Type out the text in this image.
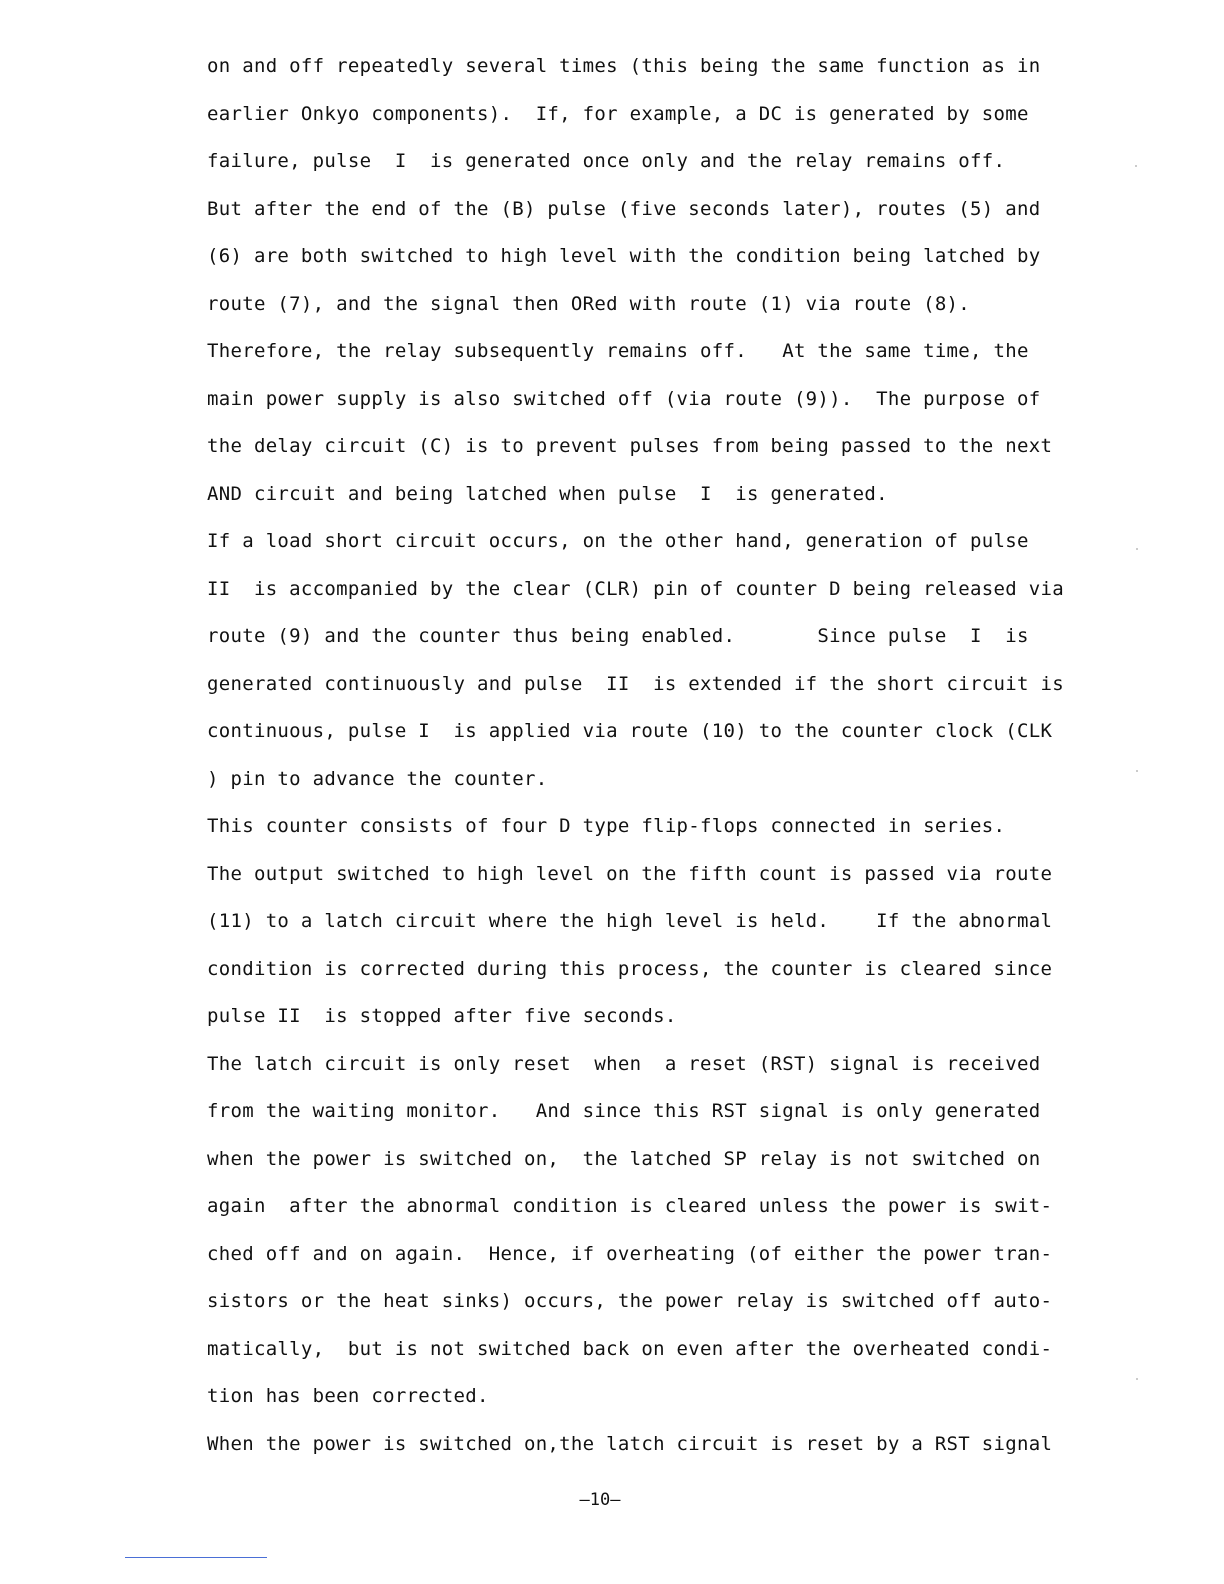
on and off repeatedly several times (this being the same function as in
earlier Onkyo components).  If, for example, a DC is generated by some
failure, pulse  I  is generated once only and the relay remains off.
But after the end of the (B) pulse (five seconds later), routes (5) and
(6) are both switched to high level with the condition being latched by
route (7), and the signal then ORed with route (1) via route (8).
Therefore, the relay subsequently remains off.   At the same time, the
main power supply is also switched off (via route (9)).  The purpose of
the delay circuit (C) is to prevent pulses from being passed to the next
AND circuit and being latched when pulse  I  is generated.
If a load short circuit occurs, on the other hand, generation of pulse
II  is accompanied by the clear (CLR) pin of counter D being released via
route (9) and the counter thus being enabled.       Since pulse  I  is
generated continuously and pulse  II  is extended if the short circuit is
continuous, pulse I  is applied via route (10) to the counter clock (CLK
) pin to advance the counter.
This counter consists of four D type flip-flops connected in series.
The output switched to high level on the fifth count is passed via route
(11) to a latch circuit where the high level is held.    If the abnormal
condition is corrected during this process, the counter is cleared since
pulse II  is stopped after five seconds.
The latch circuit is only reset  when  a reset (RST) signal is received
from the waiting monitor.   And since this RST signal is only generated
when the power is switched on,  the latched SP relay is not switched on
again  after the abnormal condition is cleared unless the power is swit-
ched off and on again.  Hence, if overheating (of either the power tran-
sistors or the heat sinks) occurs, the power relay is switched off auto-
matically,  but is not switched back on even after the overheated condi-
tion has been corrected.
When the power is switched on,the latch circuit is reset by a RST signal
—10—
